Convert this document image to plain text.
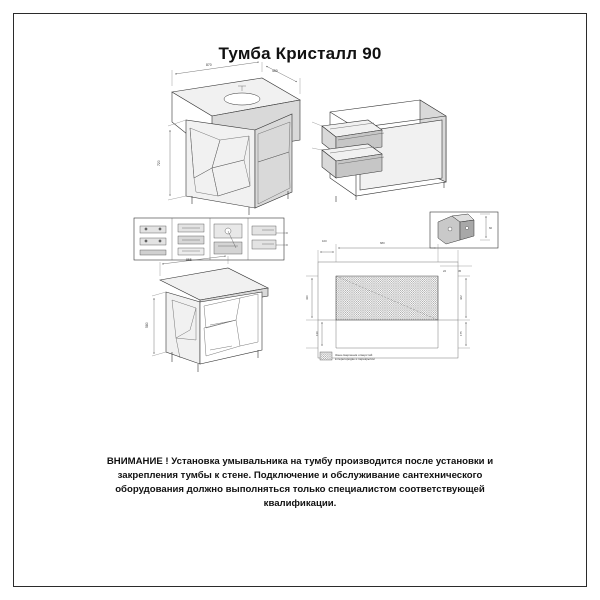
Тумба Кристалл 90
870
450
720
60
855
580
100	680
430
130
422
175
22	45
Зона сверления отверстий
в перегородке и перекрытии
ВНИМАНИЕ ! Установка умывальника на тумбу производится после установки и закрепления тумбы к стене. Подключение и обслуживание сантехнического оборудования должно выполняться только специалистом соответствующей квалификации.
